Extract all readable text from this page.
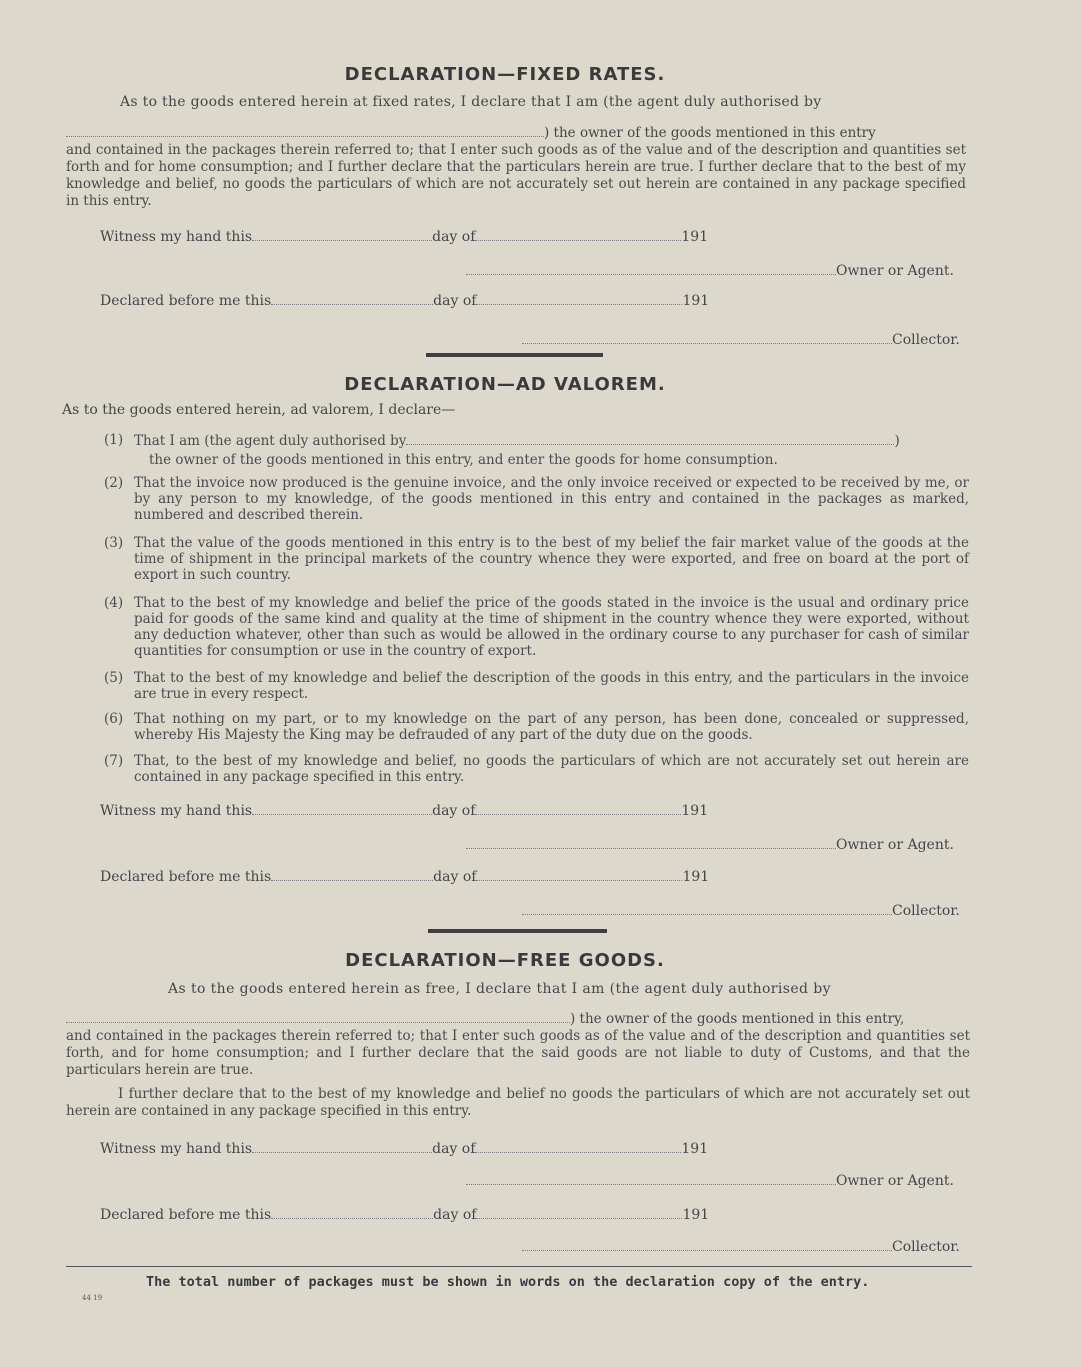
DECLARATION—FIXED RATES.
As to the goods entered herein at fixed rates, I declare that I am (the agent duly authorised by
) the owner of the goods mentioned in this entry
and contained in the packages therein referred to; that I enter such goods as of the value and of the description and quantities set forth and for home consumption; and I further declare that the particulars herein are true. I further declare that to the best of my knowledge and belief, no goods the particulars of which are not accurately set out herein are contained in any package specified in this entry.
Witness my hand this	day of	191
Owner or Agent.
Declared before me this	day of	191
Collector.
DECLARATION—AD VALOREM.
As to the goods entered herein, ad valorem, I declare—
(1) That I am (the agent duly authorised by	)
the owner of the goods mentioned in this entry, and enter the goods for home consumption.
(2) That the invoice now produced is the genuine invoice, and the only invoice received or expected to be received by me, or by any person to my knowledge, of the goods mentioned in this entry and contained in the packages as marked, numbered and described therein.
(3) That the value of the goods mentioned in this entry is to the best of my belief the fair market value of the goods at the time of shipment in the principal markets of the country whence they were exported, and free on board at the port of export in such country.
(4) That to the best of my knowledge and belief the price of the goods stated in the invoice is the usual and ordinary price paid for goods of the same kind and quality at the time of shipment in the country whence they were exported, without any deduction whatever, other than such as would be allowed in the ordinary course to any purchaser for cash of similar quantities for consumption or use in the country of export.
(5) That to the best of my knowledge and belief the description of the goods in this entry, and the particulars in the invoice are true in every respect.
(6) That nothing on my part, or to my knowledge on the part of any person, has been done, concealed or suppressed, whereby His Majesty the King may be defrauded of any part of the duty due on the goods.
(7) That, to the best of my knowledge and belief, no goods the particulars of which are not accurately set out herein are contained in any package specified in this entry.
Witness my hand this	day of	191
Owner or Agent.
Declared before me this	day of	191
Collector.
DECLARATION—FREE GOODS.
As to the goods entered herein as free, I declare that I am (the agent duly authorised by
) the owner of the goods mentioned in this entry,
and contained in the packages therein referred to; that I enter such goods as of the value and of the description and quantities set forth, and for home consumption; and I further declare that the said goods are not liable to duty of Customs, and that the particulars herein are true.
I further declare that to the best of my knowledge and belief no goods the particulars of which are not accurately set out herein are contained in any package specified in this entry.
Witness my hand this	day of	191
Owner or Agent.
Declared before me this	day of	191
Collector.
The total number of packages must be shown in words on the declaration copy of the entry.
44 19
